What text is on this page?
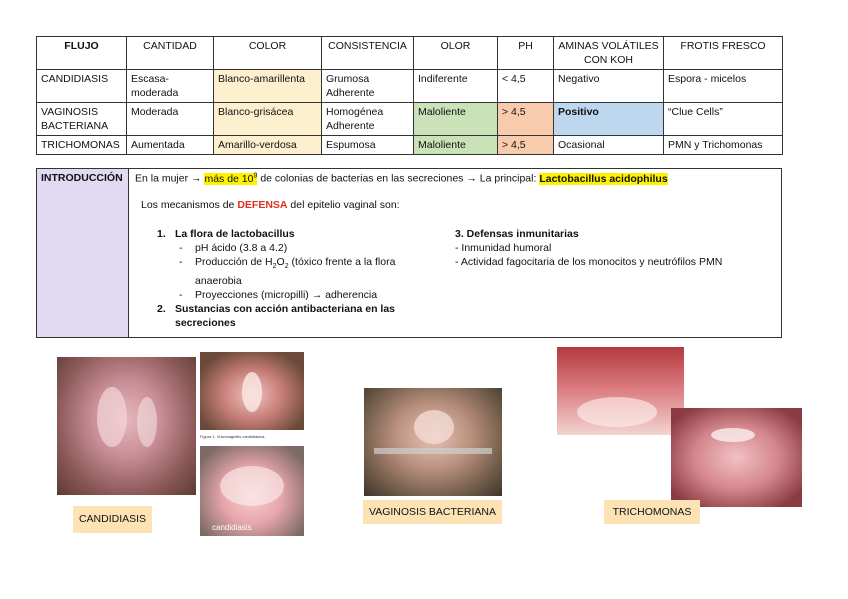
FLUJO	CANTIDAD	COLOR	CONSISTENCIA	OLOR	PH	AMINAS VOLÁTILES CON KOH	FROTIS FRESCO
CANDIDIASIS	Escasa-moderada	Blanco-amarillenta	Grumosa Adherente	Indiferente	< 4,5	Negativo	Espora - micelos
VAGINOSIS BACTERIANA	Moderada	Blanco-grisácea	Homogénea Adherente	Maloliente	> 4,5	Positivo	“Clue Cells”
TRICHOMONAS	Aumentada	Amarillo-verdosa	Espumosa	Maloliente	> 4,5	Ocasional	PMN y Trichomonas
INTRODUCCIÓN	En la mujer → más de $10^9$ de colonias de bacterias en las secreciones → La principal: Lactobacillus acidophilus
Los mecanismos de DEFENSA del epitelio vaginal son:
1. La flora de lactobacillus
- pH ácido (3.8 a 4.2)
-	Producción de $H_2O_2$ (tóxico frente a la flora anaerobia
- Proyecciones (micropilli) → adherencia
2. Sustancias con acción antibacteriana en las secreciones
3. Defensas inmunitarias
- Inmunidad humoral
- Actividad fagocitaria de los monocitos y neutrófilos PMN
Figura 1. Vulvovaginitis candidiásica.
candidiasis
CANDIDIASIS
VAGINOSIS BACTERIANA	TRICHOMONAS
